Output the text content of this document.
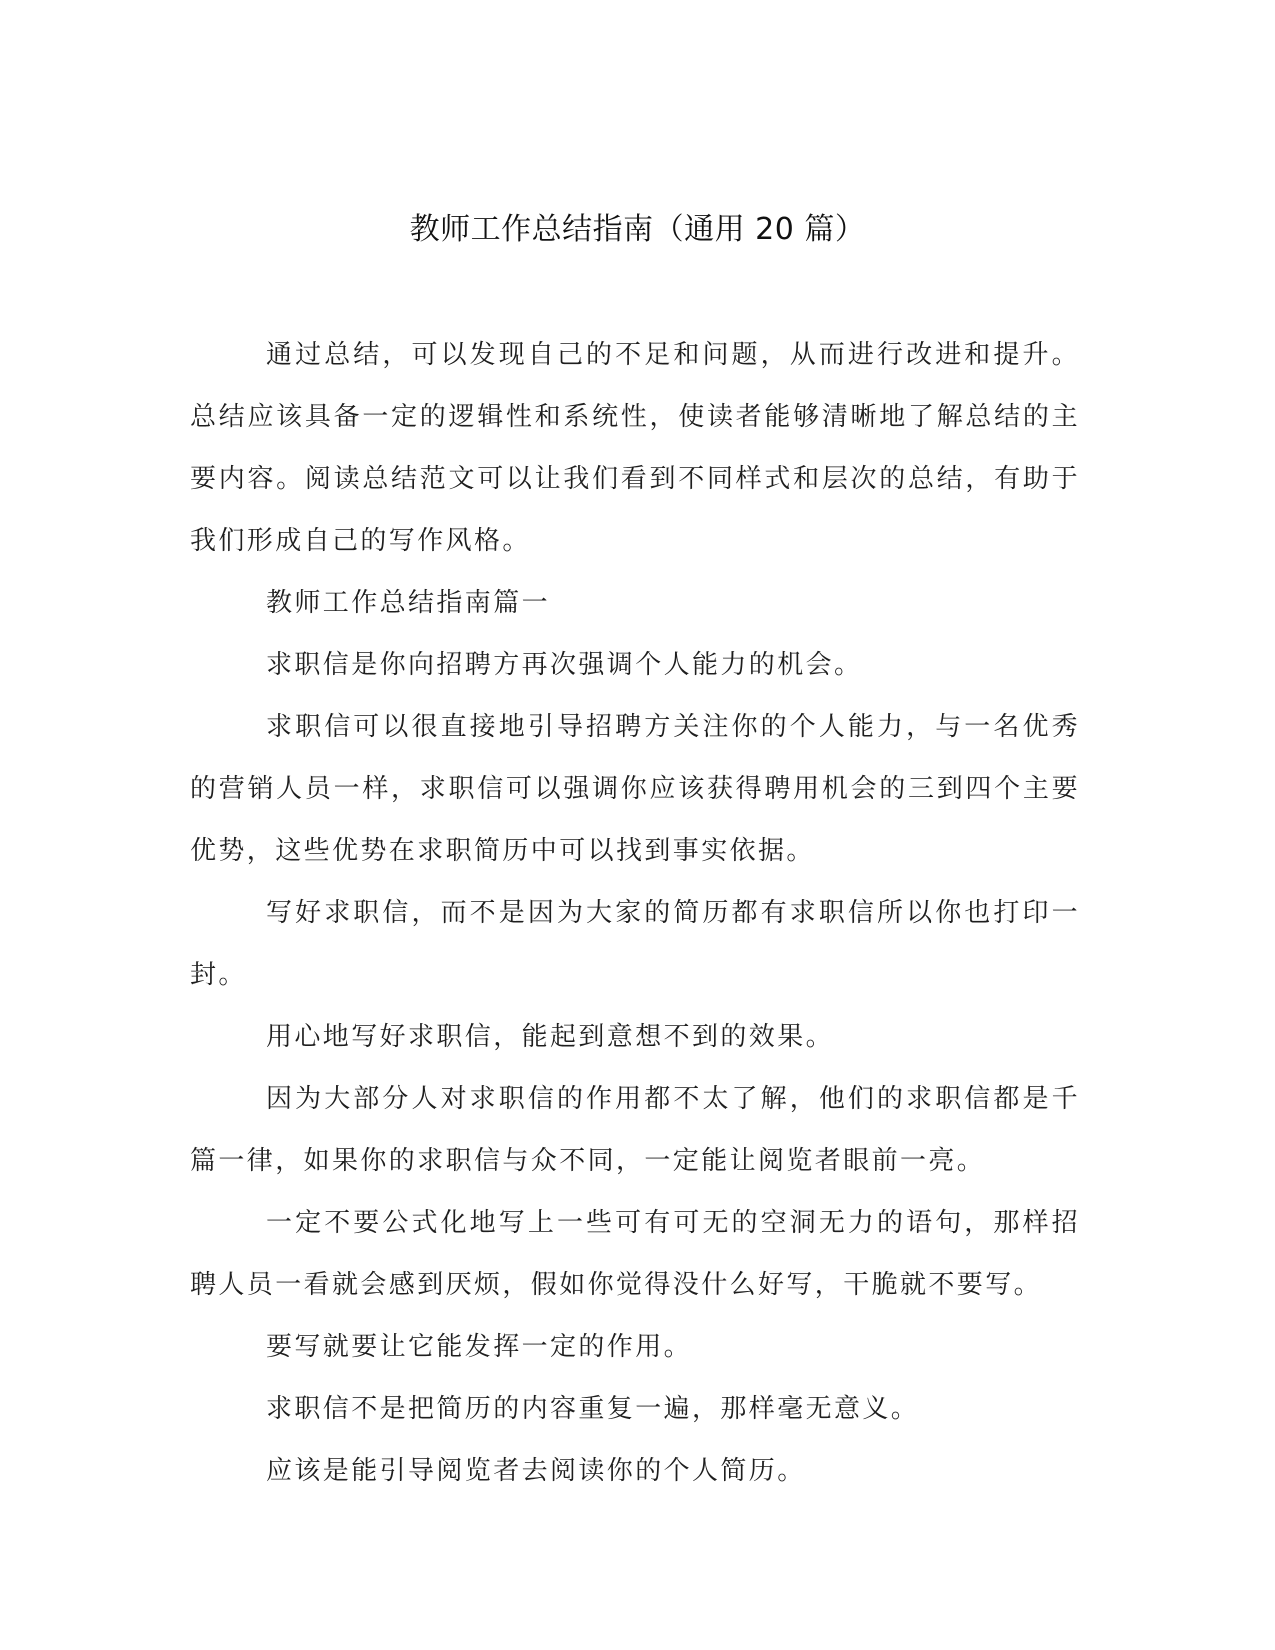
教师工作总结指南（通用 20 篇）

通过总结，可以发现自己的不足和问题，从而进行改进和提升。总结应该具备一定的逻辑性和系统性，使读者能够清晰地了解总结的主要内容。阅读总结范文可以让我们看到不同样式和层次的总结，有助于我们形成自己的写作风格。

教师工作总结指南篇一

求职信是你向招聘方再次强调个人能力的机会。

求职信可以很直接地引导招聘方关注你的个人能力，与一名优秀的营销人员一样，求职信可以强调你应该获得聘用机会的三到四个主要优势，这些优势在求职简历中可以找到事实依据。

写好求职信，而不是因为大家的简历都有求职信所以你也打印一封。

用心地写好求职信，能起到意想不到的效果。

因为大部分人对求职信的作用都不太了解，他们的求职信都是千篇一律，如果你的求职信与众不同，一定能让阅览者眼前一亮。

一定不要公式化地写上一些可有可无的空洞无力的语句，那样招聘人员一看就会感到厌烦，假如你觉得没什么好写，干脆就不要写。

要写就要让它能发挥一定的作用。

求职信不是把简历的内容重复一遍，那样毫无意义。

应该是能引导阅览者去阅读你的个人简历。
